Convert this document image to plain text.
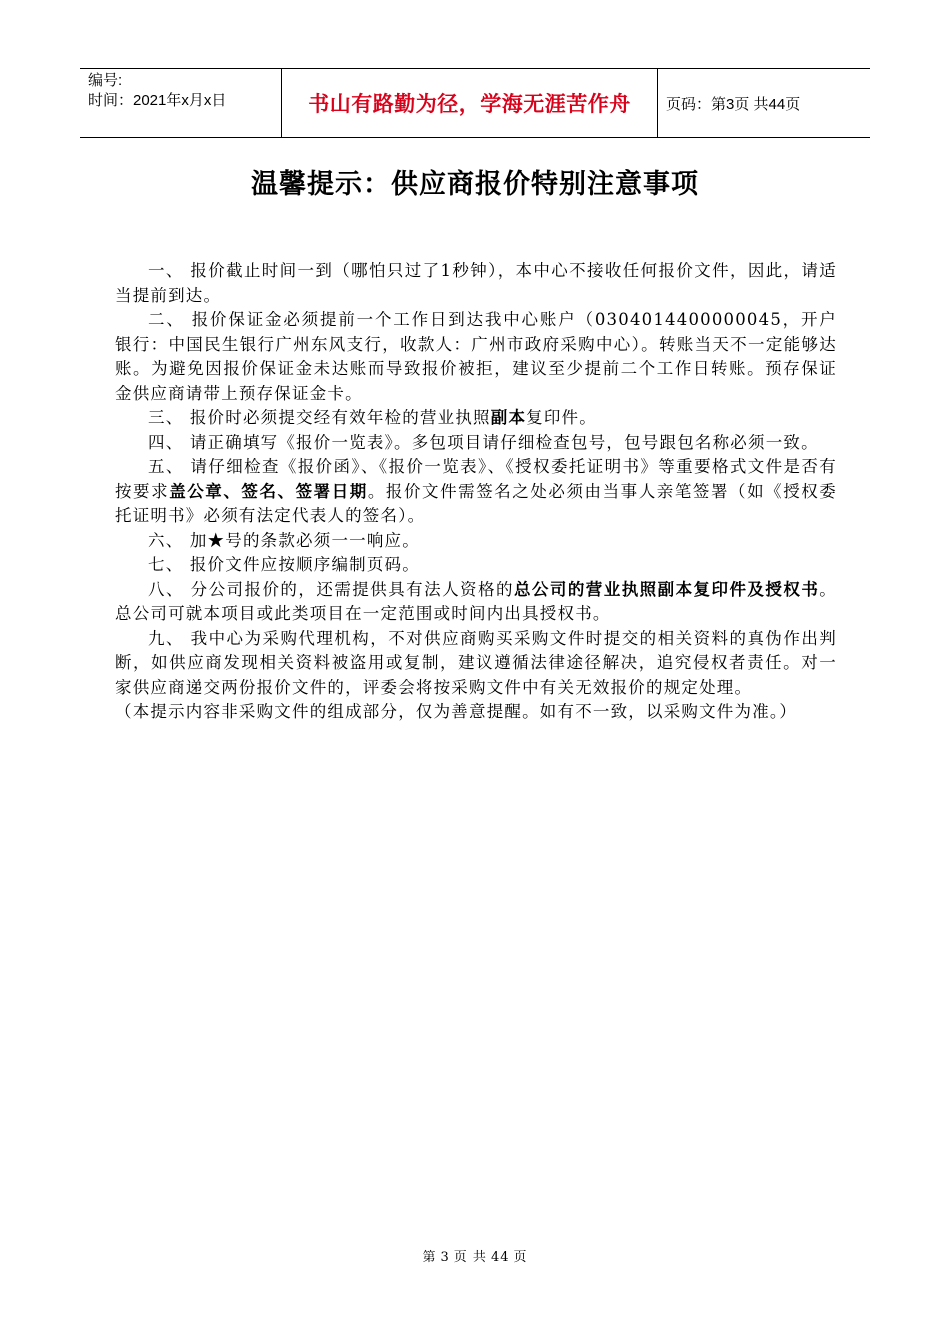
编号:
时间：2021年x月x日	书山有路勤为径，学海无涯苦作舟	页码：第3页 共44页
温馨提示：供应商报价特别注意事项

一、 报价截止时间一到（哪怕只过了1秒钟），本中心不接收任何报价文件，因此，请适当提前到达。

二、 报价保证金必须提前一个工作日到达我中心账户（0304014400000045，开户银行：中国民生银行广州东风支行，收款人：广州市政府采购中心）。转账当天不一定能够达账。为避免因报价保证金未达账而导致报价被拒，建议至少提前二个工作日转账。预存保证金供应商请带上预存保证金卡。

三、 报价时必须提交经有效年检的营业执照副本复印件。

四、 请正确填写《报价一览表》。多包项目请仔细检查包号，包号跟包名称必须一致。

五、 请仔细检查《报价函》、《报价一览表》、《授权委托证明书》等重要格式文件是否有按要求盖公章、签名、签署日期。报价文件需签名之处必须由当事人亲笔签署（如《授权委托证明书》必须有法定代表人的签名）。

六、 加★号的条款必须一一响应。

七、 报价文件应按顺序编制页码。

八、 分公司报价的，还需提供具有法人资格的总公司的营业执照副本复印件及授权书。总公司可就本项目或此类项目在一定范围或时间内出具授权书。

九、 我中心为采购代理机构，不对供应商购买采购文件时提交的相关资料的真伪作出判断，如供应商发现相关资料被盗用或复制，建议遵循法律途径解决，追究侵权者责任。对一家供应商递交两份报价文件的，评委会将按采购文件中有关无效报价的规定处理。

（本提示内容非采购文件的组成部分，仅为善意提醒。如有不一致，以采购文件为准。）

第 3 页 共 44 页
